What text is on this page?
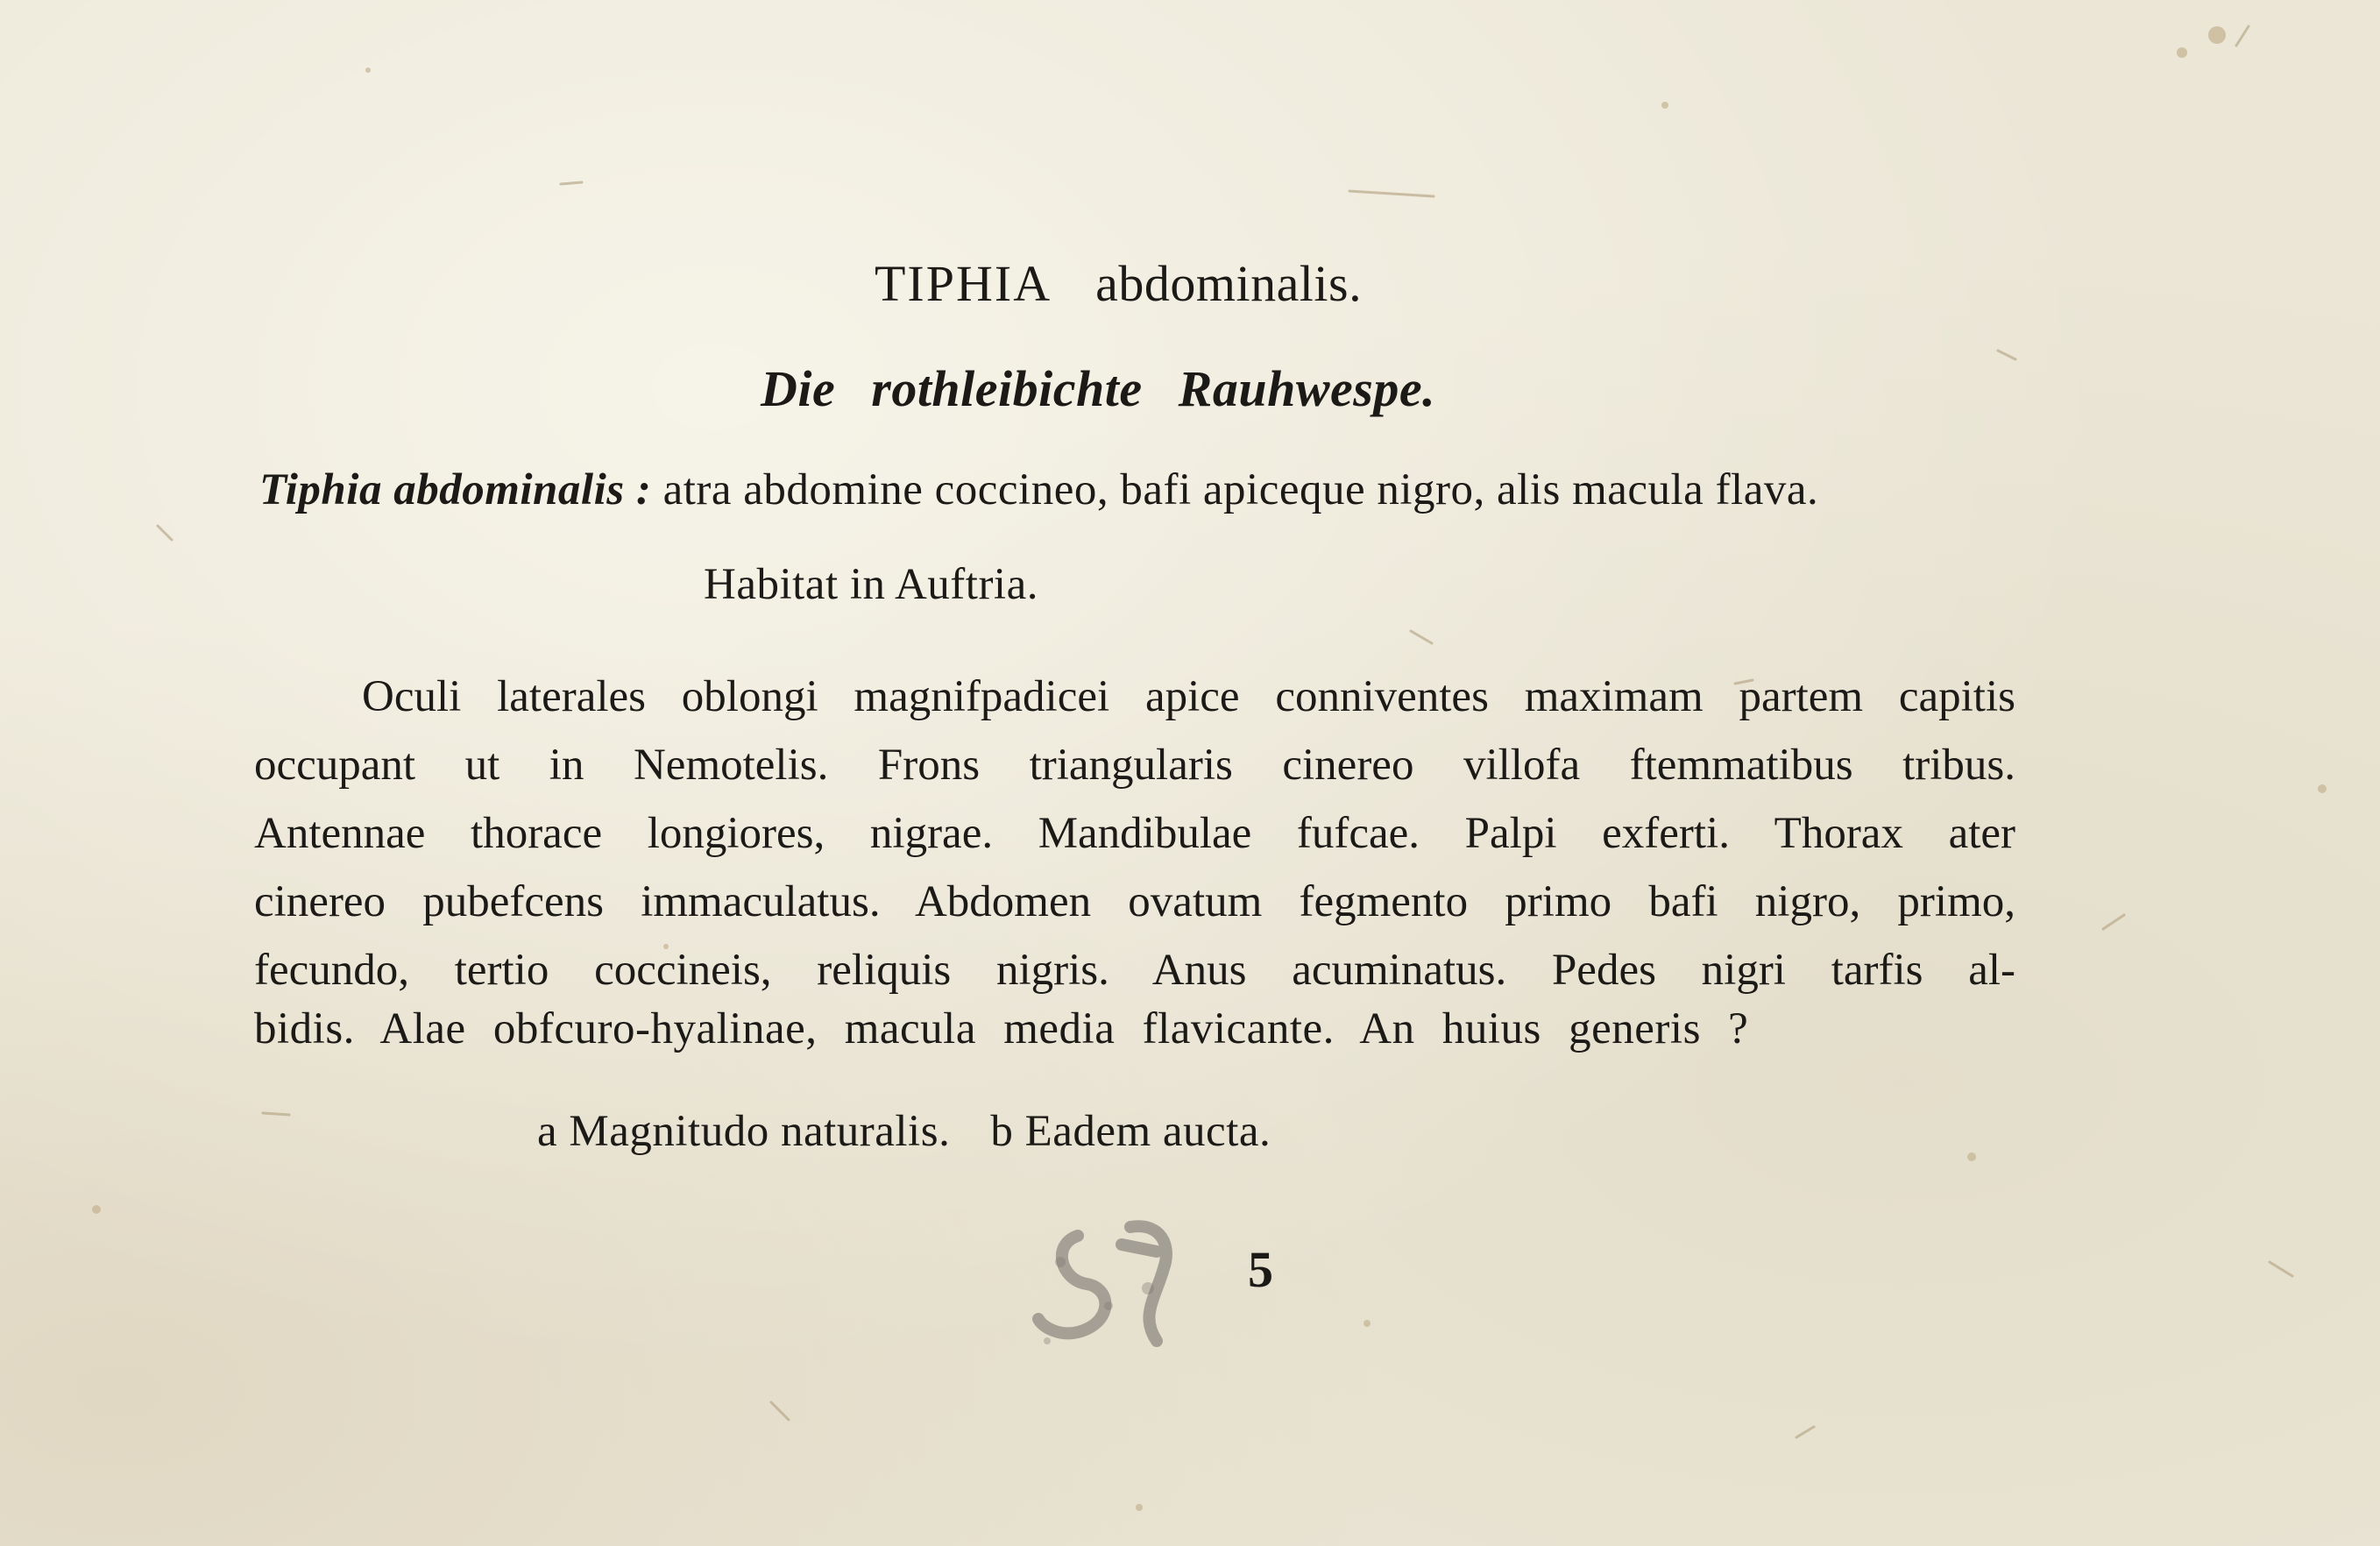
TIPHIA abdominalis.
Die rothleibichte Rauhwespe.
Tiphia abdominalis : atra abdomine coccineo, bafi apiceque nigro, alis macula flava.
Habitat in Auftria.
Oculi laterales oblongi magnifpadicei apice conniventes maximam partem capitis
occupant ut in Nemotelis. Frons triangularis cinereo villofa ftemmatibus tribus.
Antennae thorace longiores, nigrae. Mandibulae fufcae. Palpi exferti. Thorax ater
cinereo pubefcens immaculatus. Abdomen ovatum fegmento primo bafi nigro, primo,
fecundo, tertio coccineis, reliquis nigris. Anus acuminatus. Pedes nigri tarfis al-
bidis. Alae obfcuro-hyalinae, macula media flavicante. An huius generis ?
a Magnitudo naturalis. b Eadem aucta.
5
